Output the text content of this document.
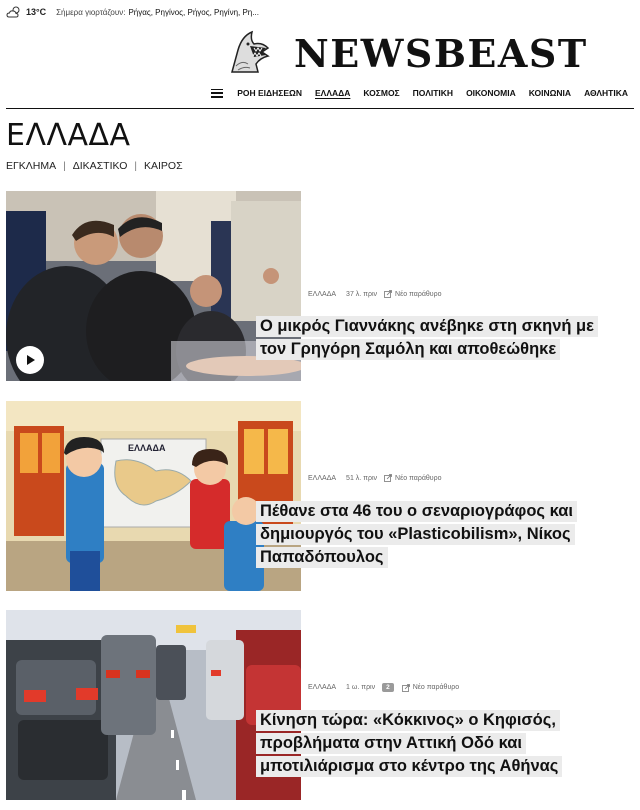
13°C Σήμερα γιορτάζουν: Ρήγας, Ρηγίνος, Ρήγος, Ρηγίνη, Ρη...
NEWSBEAST
ΡΟΗ ΕΙΔΗΣΕΩΝ ΕΛΛΑΔΑ ΚΟΣΜΟΣ ΠΟΛΙΤΙΚΗ ΟΙΚΟΝΟΜΙΑ ΚΟΙΝΩΝΙΑ ΑΘΛΗΤΙΚΑ
ΕΛΛΑΔΑ
ΕΓΚΛΗΜΑ | ΔΙΚΑΣΤΙΚΟ | ΚΑΙΡΟΣ
ΕΛΛΑΔΑ 37 λ. πριν	Νέο παράθυρο
Ο μικρός Γιαννάκης ανέβηκε στη σκηνή με τον Γρηγόρη Σαμόλη και αποθεώθηκε
ΕΛΛΑΔΑ
ΕΛΛΑΔΑ 51 λ. πριν	Νέο παράθυρο
Πέθανε στα 46 του ο σεναριογράφος και δημιουργός του «Plasticobilism», Νίκος Παπαδόπουλος
ΕΛΛΑΔΑ 1 ω. πριν	2	Νέο παράθυρο
Κίνηση τώρα: «Κόκκινος» ο Κηφισός, προβλήματα στην Αττική Οδό και μποτιλιάρισμα στο κέντρο της Αθήνας
